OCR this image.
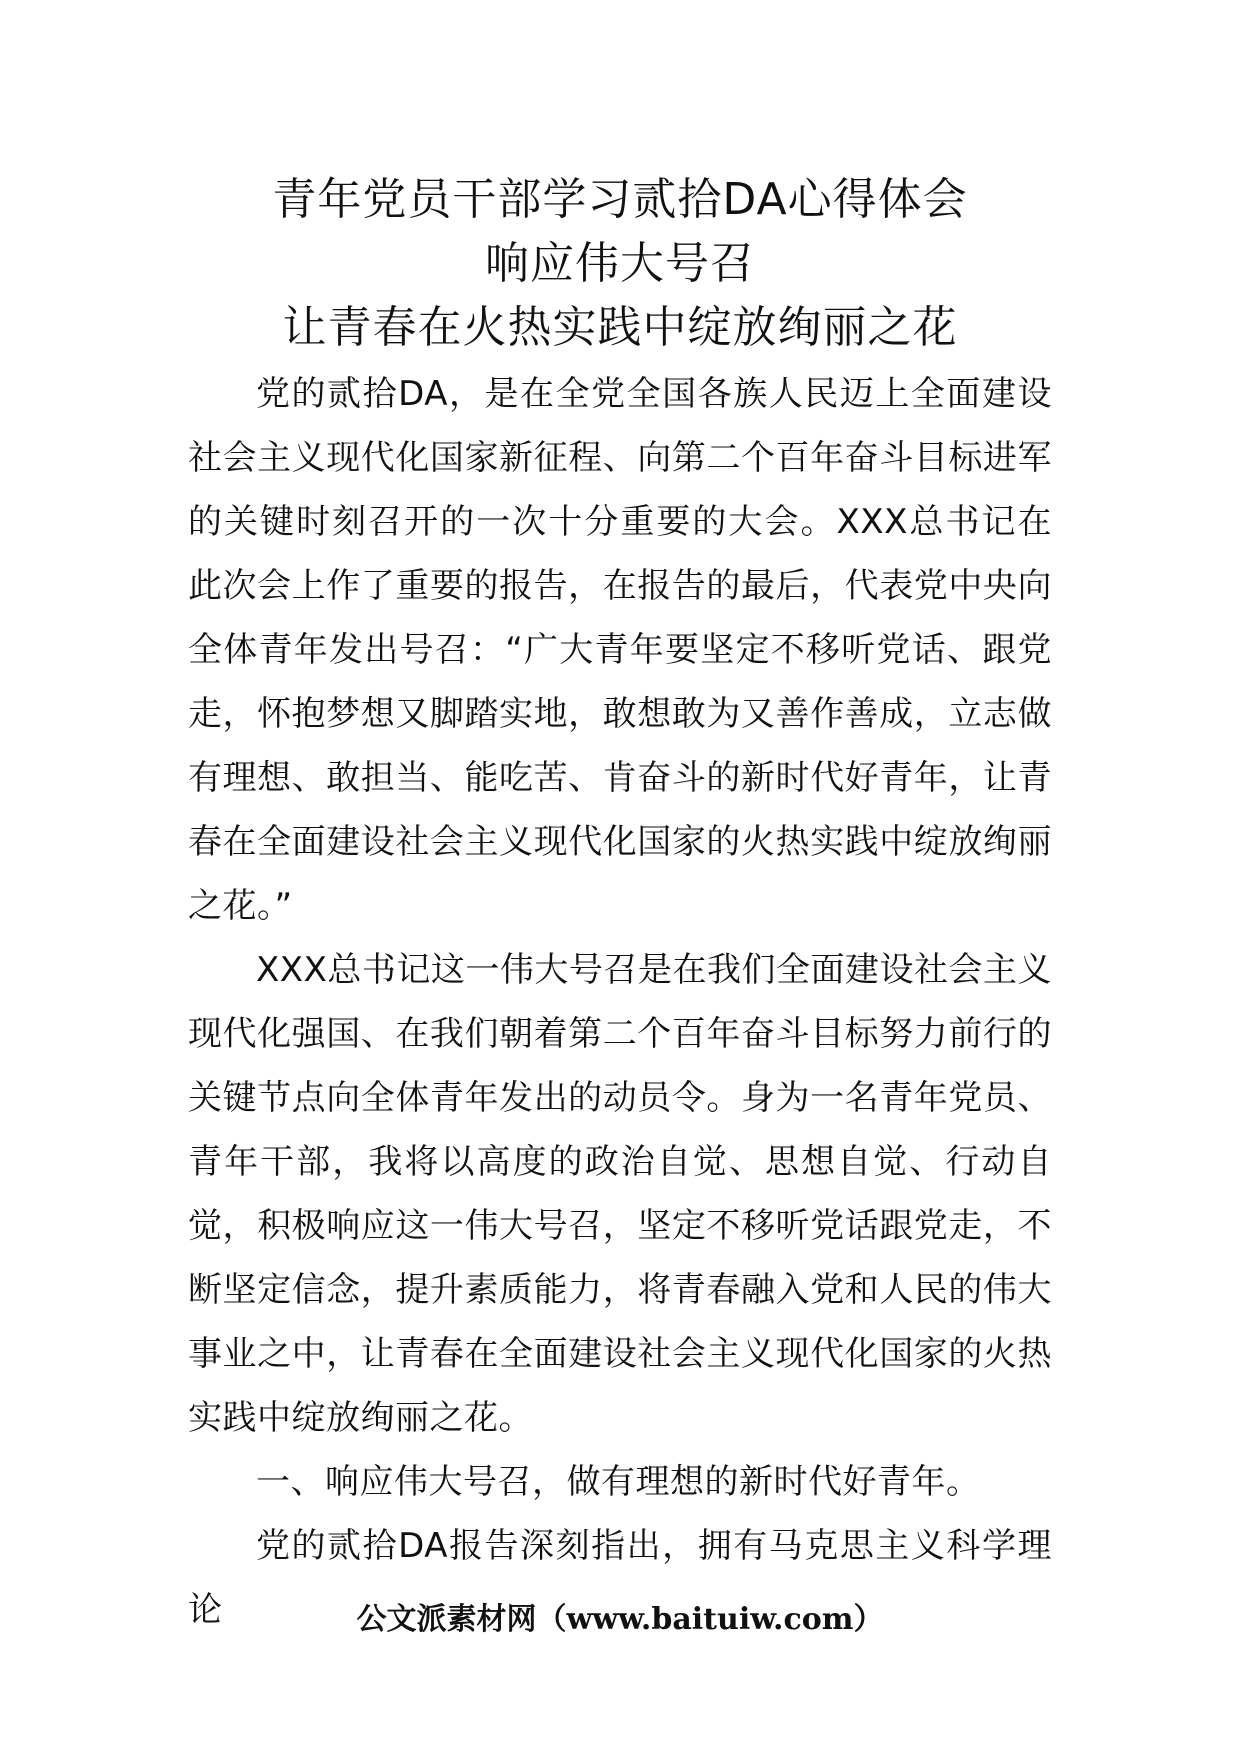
青年党员干部学习贰拾DA心得体会
响应伟大号召
让青春在火热实践中绽放绚丽之花

党的贰拾DA，是在全党全国各族人民迈上全面建设社会主义现代化国家新征程、向第二个百年奋斗目标进军的关键时刻召开的一次十分重要的大会。XXX总书记在此次会上作了重要的报告，在报告的最后，代表党中央向全体青年发出号召：“广大青年要坚定不移听党话、跟党走，怀抱梦想又脚踏实地，敢想敢为又善作善成，立志做有理想、敢担当、能吃苦、肯奋斗的新时代好青年，让青春在全面建设社会主义现代化国家的火热实践中绽放绚丽之花。”

XXX总书记这一伟大号召是在我们全面建设社会主义现代化强国、在我们朝着第二个百年奋斗目标努力前行的关键节点向全体青年发出的动员令。身为一名青年党员、青年干部，我将以高度的政治自觉、思想自觉、行动自觉，积极响应这一伟大号召，坚定不移听党话跟党走，不断坚定信念，提升素质能力，将青春融入党和人民的伟大事业之中，让青春在全面建设社会主义现代化国家的火热实践中绽放绚丽之花。

一、响应伟大号召，做有理想的新时代好青年。

党的贰拾DA报告深刻指出，拥有马克思主义科学理论	公文派素材网（www.baituiw.com）
